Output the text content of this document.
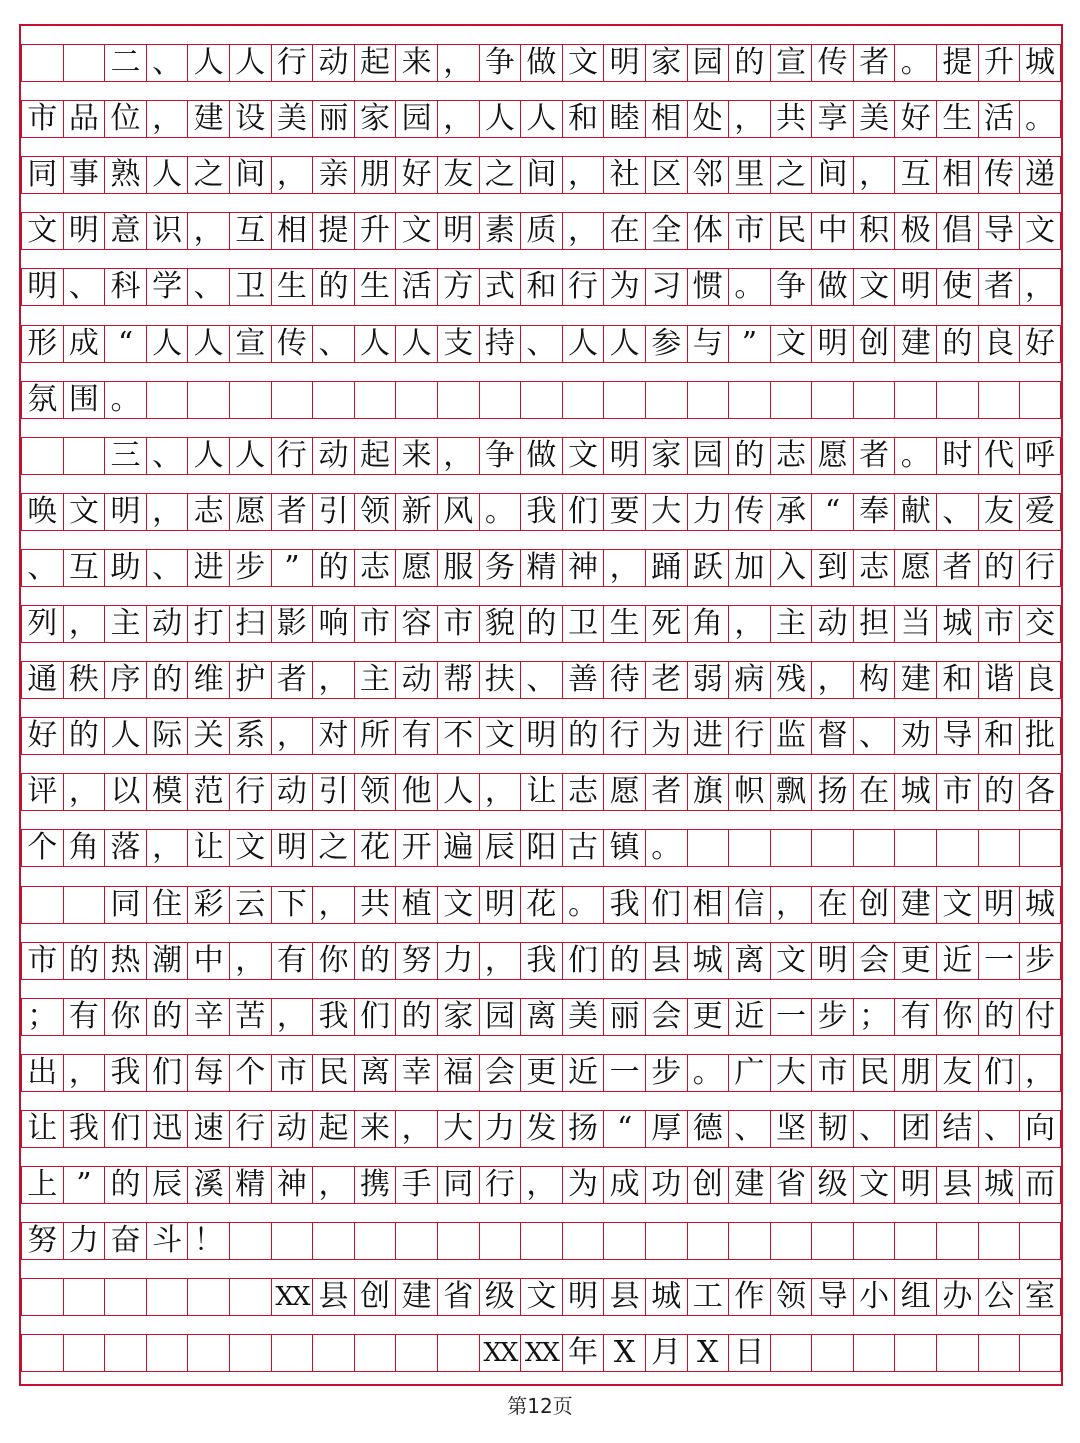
二 、 人 人 行 动 起 来 ， 争 做 文 明 家 园 的 宣 传 者 。 提 升 城
市 品 位 ， 建 设 美 丽 家 园 ， 人 人 和 睦 相 处 ， 共 享 美 好 生 活 。
同 事 熟 人 之 间 ， 亲 朋 好 友 之 间 ， 社 区 邻 里 之 间 ， 互 相 传 递
文 明 意 识 ， 互 相 提 升 文 明 素 质 ， 在 全 体 市 民 中 积 极 倡 导 文
明 、 科 学 、 卫 生 的 生 活 方 式 和 行 为 习 惯 。 争 做 文 明 使 者 ，
形 成 “ 人 人 宣 传 、 人 人 支 持 、 人 人 参 与 ” 文 明 创 建 的 良 好
氛 围 。
三 、 人 人 行 动 起 来 ， 争 做 文 明 家 园 的 志 愿 者 。 时 代 呼
唤 文 明 ， 志 愿 者 引 领 新 风 。 我 们 要 大 力 传 承 “ 奉 献 、 友 爱
、 互 助 、 进 步 ” 的 志 愿 服 务 精 神 ， 踊 跃 加 入 到 志 愿 者 的 行
列 ， 主 动 打 扫 影 响 市 容 市 貌 的 卫 生 死 角 ， 主 动 担 当 城 市 交
通 秩 序 的 维 护 者 ， 主 动 帮 扶 、 善 待 老 弱 病 残 ， 构 建 和 谐 良
好 的 人 际 关 系 ， 对 所 有 不 文 明 的 行 为 进 行 监 督 、 劝 导 和 批
评 ， 以 模 范 行 动 引 领 他 人 ， 让 志 愿 者 旗 帜 飘 扬 在 城 市 的 各
个 角 落 ， 让 文 明 之 花 开 遍 辰 阳 古 镇 。
同 住 彩 云 下 ， 共 植 文 明 花 。 我 们 相 信 ， 在 创 建 文 明 城
市 的 热 潮 中 ， 有 你 的 努 力 ， 我 们 的 县 城 离 文 明 会 更 近 一 步
； 有 你 的 辛 苦 ， 我 们 的 家 园 离 美 丽 会 更 近 一 步 ； 有 你 的 付
出 ， 我 们 每 个 市 民 离 幸 福 会 更 近 一 步 。 广 大 市 民 朋 友 们 ，
让 我 们 迅 速 行 动 起 来 ， 大 力 发 扬 “ 厚 德 、 坚 韧 、 团 结 、 向
上 ” 的 辰 溪 精 神 ， 携 手 同 行 ， 为 成 功 创 建 省 级 文 明 县 城 而
努 力 奋 斗 ！
XX 县 创 建 省 级 文 明 县 城 工 作 领 导 小 组 办 公 室
XX XX 年 X 月 X 日
第12页
